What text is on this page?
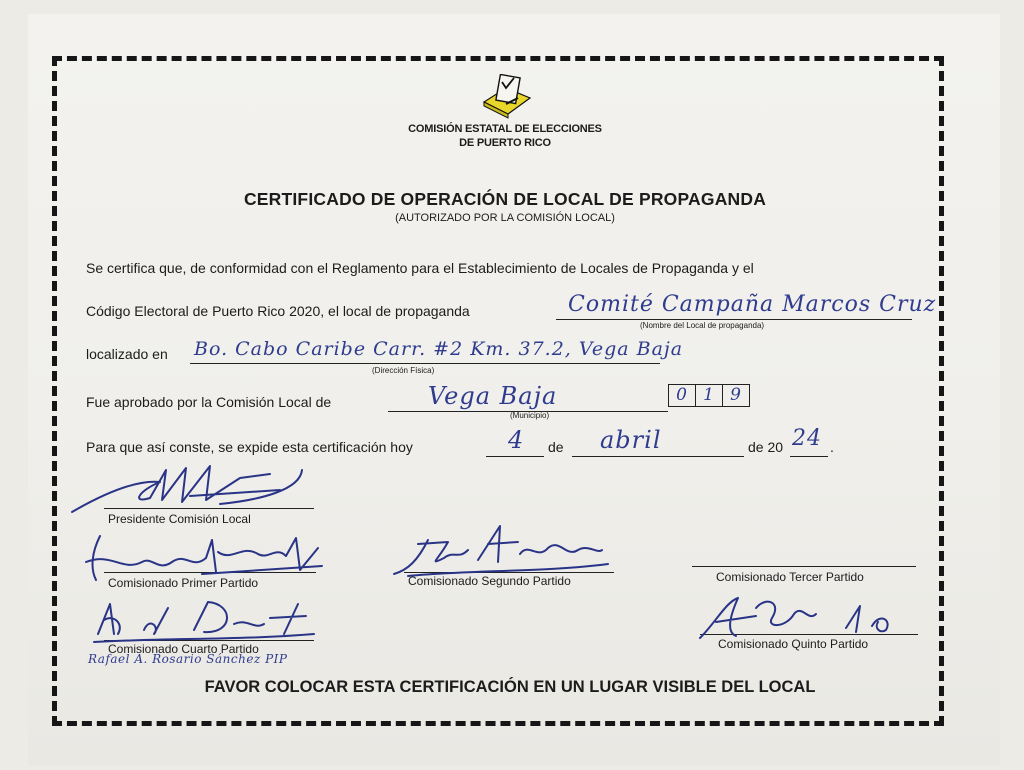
COMISIÓN ESTATAL DE ELECCIONES
DE PUERTO RICO
CERTIFICADO DE OPERACIÓN DE LOCAL DE PROPAGANDA
(AUTORIZADO POR LA COMISIÓN LOCAL)
Se certifica que, de conformidad con el Reglamento para el Establecimiento de Locales de Propaganda y el
Código Electoral de Puerto Rico 2020, el local de propaganda	Comité Campaña Marcos Cruz
(Nombre del Local de propaganda)
localizado en Bo. Cabo Caribe Carr. #2 Km. 37.2, Vega Baja
(Dirección Física)
Fue aprobado por la Comisión Local de	Vega Baja
(Municipio)
0 1 9
Para que así conste, se expide esta certificación hoy	4 de abril	de 20 24 .
Presidente Comisión Local
Comisionado Primer Partido	Comisionado Segundo Partido	Comisionado Tercer Partido
Comisionado Cuarto Partido
Rafael A. Rosario Sánchez PIP
Comisionado Quinto Partido
FAVOR COLOCAR ESTA CERTIFICACIÓN EN UN LUGAR VISIBLE DEL LOCAL
